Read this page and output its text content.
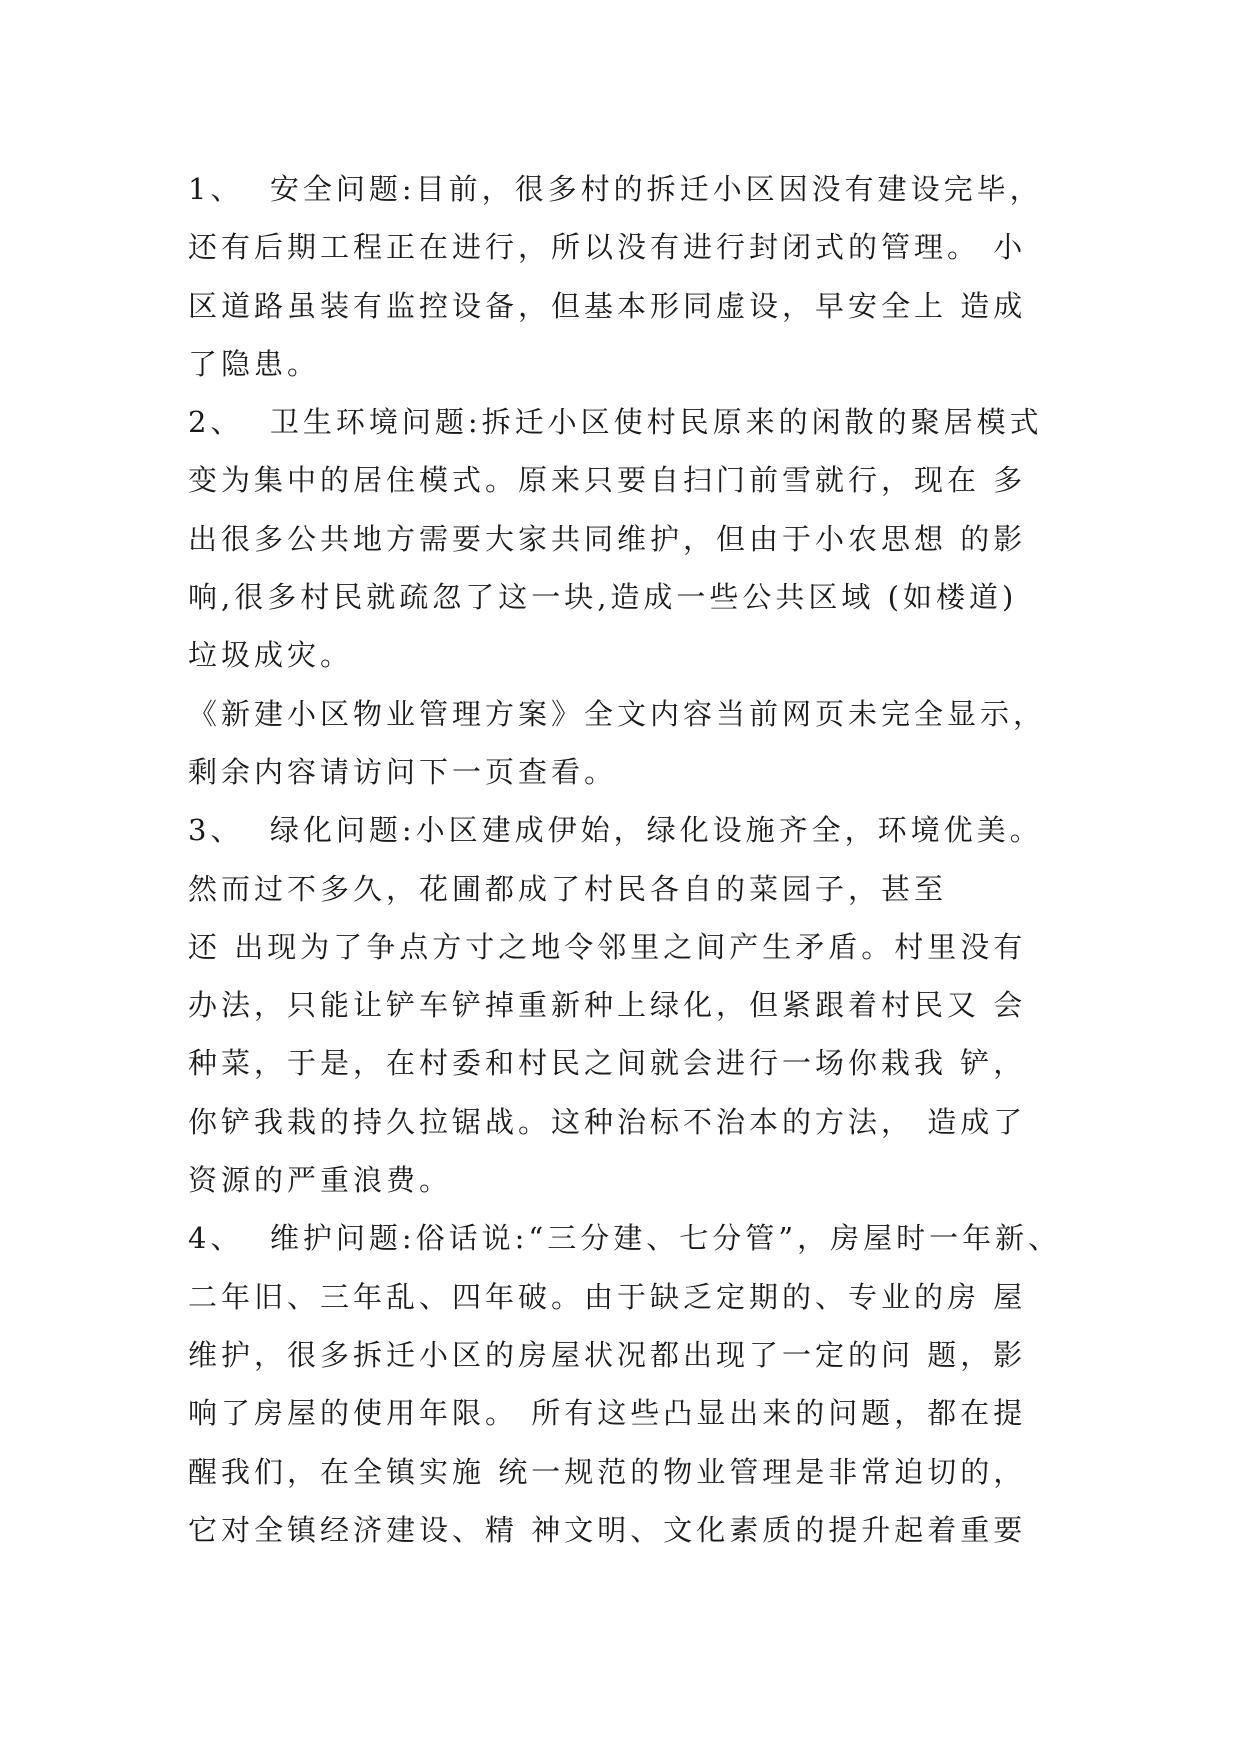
1、  安全问题:目前，很多村的拆迁小区因没有建设完毕，
还有后期工程正在进行，所以没有进行封闭式的管理。 小
区道路虽装有监控设备，但基本形同虚设，早安全上 造成
了隐患。
2、  卫生环境问题:拆迁小区使村民原来的闲散的聚居模式
变为集中的居住模式。原来只要自扫门前雪就行，现在 多
出很多公共地方需要大家共同维护，但由于小农思想 的影
响,很多村民就疏忽了这一块,造成一些公共区域 (如楼道)
垃圾成灾。
《新建小区物业管理方案》全文内容当前网页未完全显示，
剩余内容请访问下一页查看。
3、  绿化问题:小区建成伊始，绿化设施齐全，环境优美。
然而过不多久，花圃都成了村民各自的菜园子，甚至
还 出现为了争点方寸之地令邻里之间产生矛盾。村里没有
办法，只能让铲车铲掉重新种上绿化，但紧跟着村民又 会
种菜，于是，在村委和村民之间就会进行一场你栽我 铲，
你铲我栽的持久拉锯战。这种治标不治本的方法， 造成了
资源的严重浪费。
4、  维护问题:俗话说:“三分建、七分管”，房屋时一年新、
二年旧、三年乱、四年破。由于缺乏定期的、专业的房 屋
维护，很多拆迁小区的房屋状况都出现了一定的问 题，影
响了房屋的使用年限。 所有这些凸显出来的问题，都在提
醒我们，在全镇实施 统一规范的物业管理是非常迫切的，
它对全镇经济建设、精 神文明、文化素质的提升起着重要
